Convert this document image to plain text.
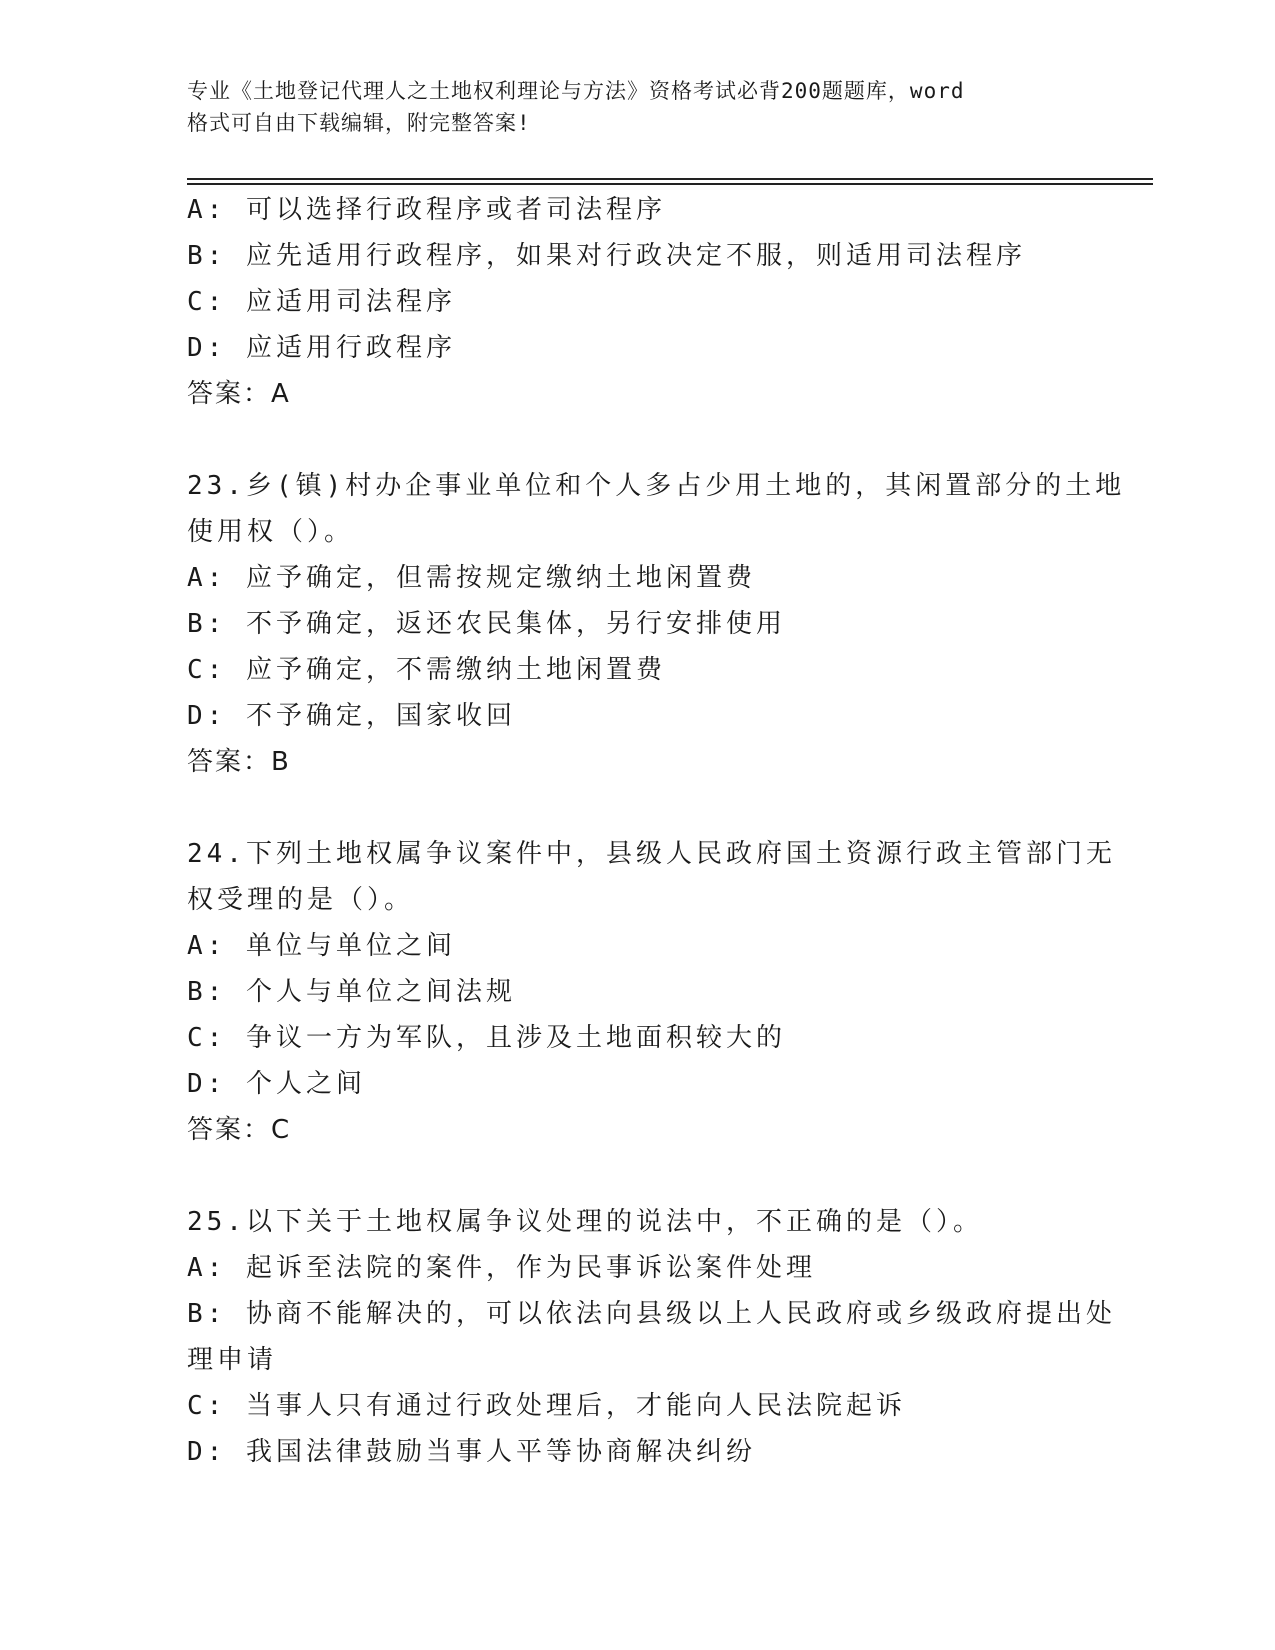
专业《土地登记代理人之土地权利理论与方法》资格考试必背200题题库，word
格式可自由下载编辑，附完整答案!
A: 可以选择行政程序或者司法程序
B: 应先适用行政程序，如果对行政决定不服，则适用司法程序
C: 应适用司法程序
D: 应适用行政程序
答案：A
23.乡(镇)村办企事业单位和个人多占少用土地的，其闲置部分的土地
使用权（）。
A: 应予确定，但需按规定缴纳土地闲置费
B: 不予确定，返还农民集体，另行安排使用
C: 应予确定，不需缴纳土地闲置费
D: 不予确定，国家收回
答案：B
24.下列土地权属争议案件中，县级人民政府国土资源行政主管部门无
权受理的是（）。
A: 单位与单位之间
B: 个人与单位之间法规
C: 争议一方为军队，且涉及土地面积较大的
D: 个人之间
答案：C
25.以下关于土地权属争议处理的说法中，不正确的是（）。
A: 起诉至法院的案件，作为民事诉讼案件处理
B: 协商不能解决的，可以依法向县级以上人民政府或乡级政府提出处
理申请
C: 当事人只有通过行政处理后，才能向人民法院起诉
D: 我国法律鼓励当事人平等协商解决纠纷
